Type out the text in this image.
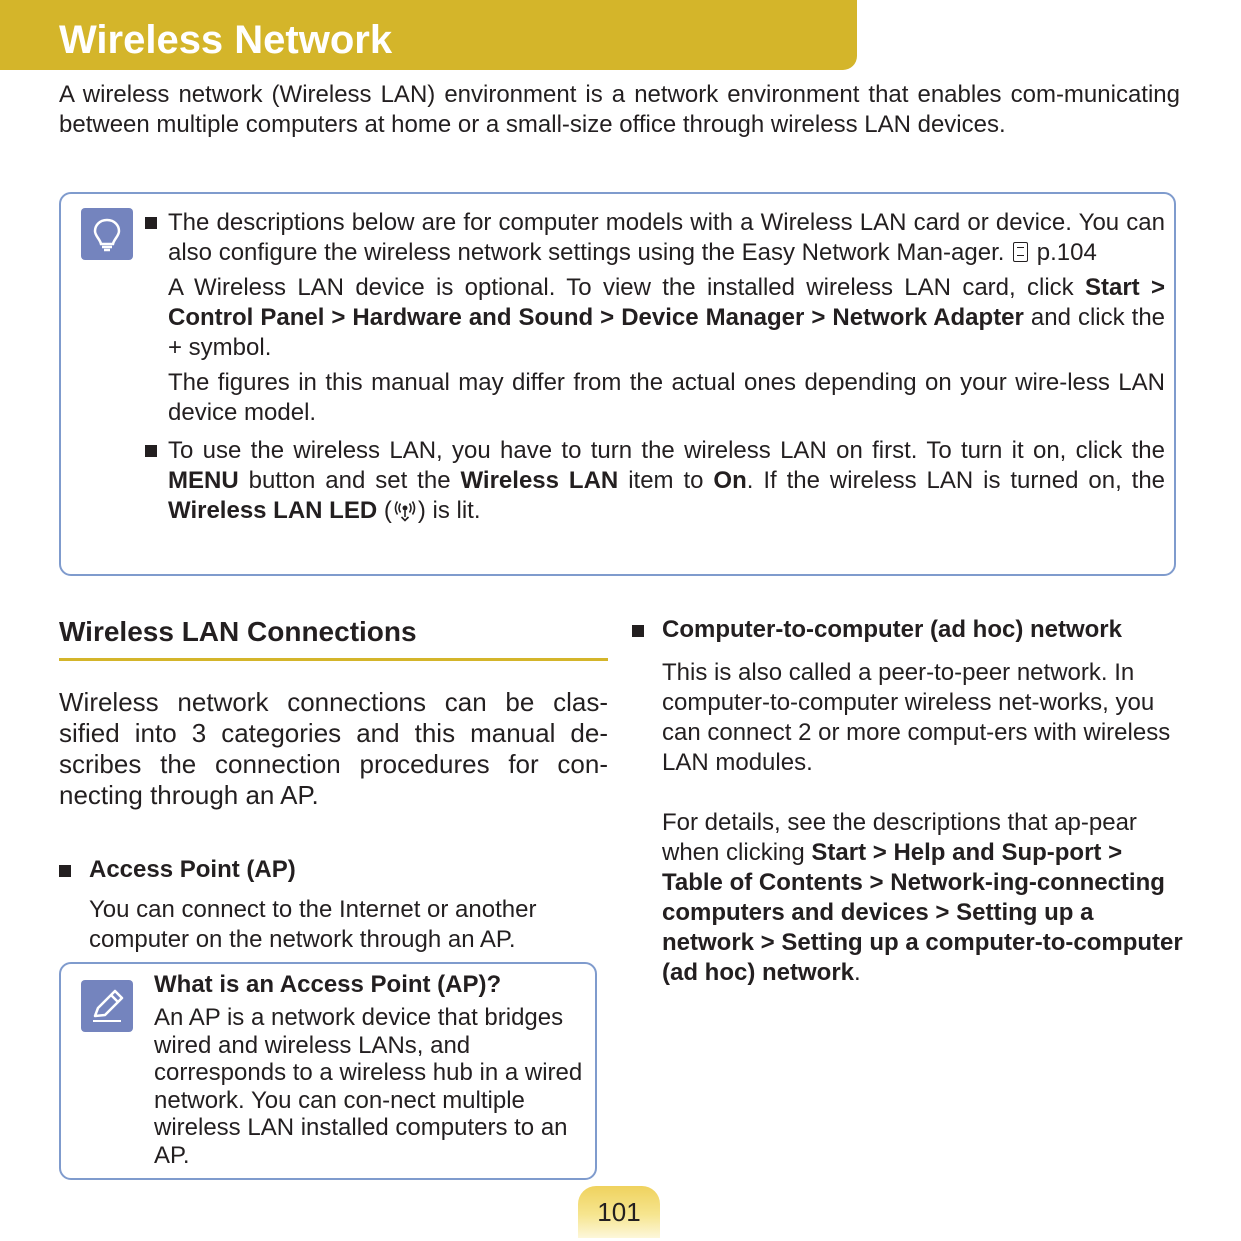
Wireless Network

A wireless network (Wireless LAN) environment is a network environment that enables com-municating between multiple computers at home or a small-size office through wireless LAN devices.

The descriptions below are for computer models with a Wireless LAN card or device. You can also configure the wireless network settings using the Easy Network Man-ager. p.104

A Wireless LAN device is optional. To view the installed wireless LAN card, click Start > Control Panel > Hardware and Sound > Device Manager > Network Adapter and click the + symbol.

The figures in this manual may differ from the actual ones depending on your wire-less LAN device model.

To use the wireless LAN, you have to turn the wireless LAN on first. To turn it on, click the MENU button and set the Wireless LAN item to On. If the wireless LAN is turned on, the Wireless LAN LED ( ) is lit.

Wireless LAN Connections

Wireless network connections can be clas-sified into 3 categories and this manual de-scribes the connection procedures for con-necting through an AP.

Access Point (AP)

You can connect to the Internet or another computer on the network through an AP.

What is an Access Point (AP)?

An AP is a network device that bridges wired and wireless LANs, and corresponds to a wireless hub in a wired network. You can con-nect multiple wireless LAN installed computers to an AP.

Computer-to-computer (ad hoc) network

This is also called a peer-to-peer network. In computer-to-computer wireless net-works, you can connect 2 or more comput-ers with wireless LAN modules.

For details, see the descriptions that ap-pear when clicking Start > Help and Sup-port > Table of Contents > Network-ing-connecting computers and devices > Setting up a network > Setting up a computer-to-computer (ad hoc) network.

101
